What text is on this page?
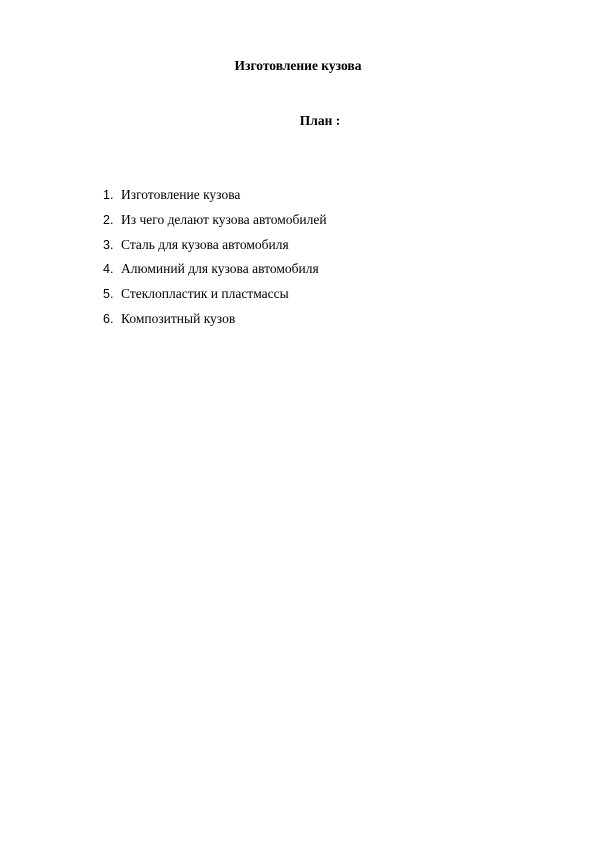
Изготовление кузова
План :
1. Изготовление кузова
2. Из чего делают кузова автомобилей
3. Сталь для кузова автомобиля
4. Алюминий для кузова автомобиля
5. Стеклопластик и пластмассы
6. Композитный кузов
